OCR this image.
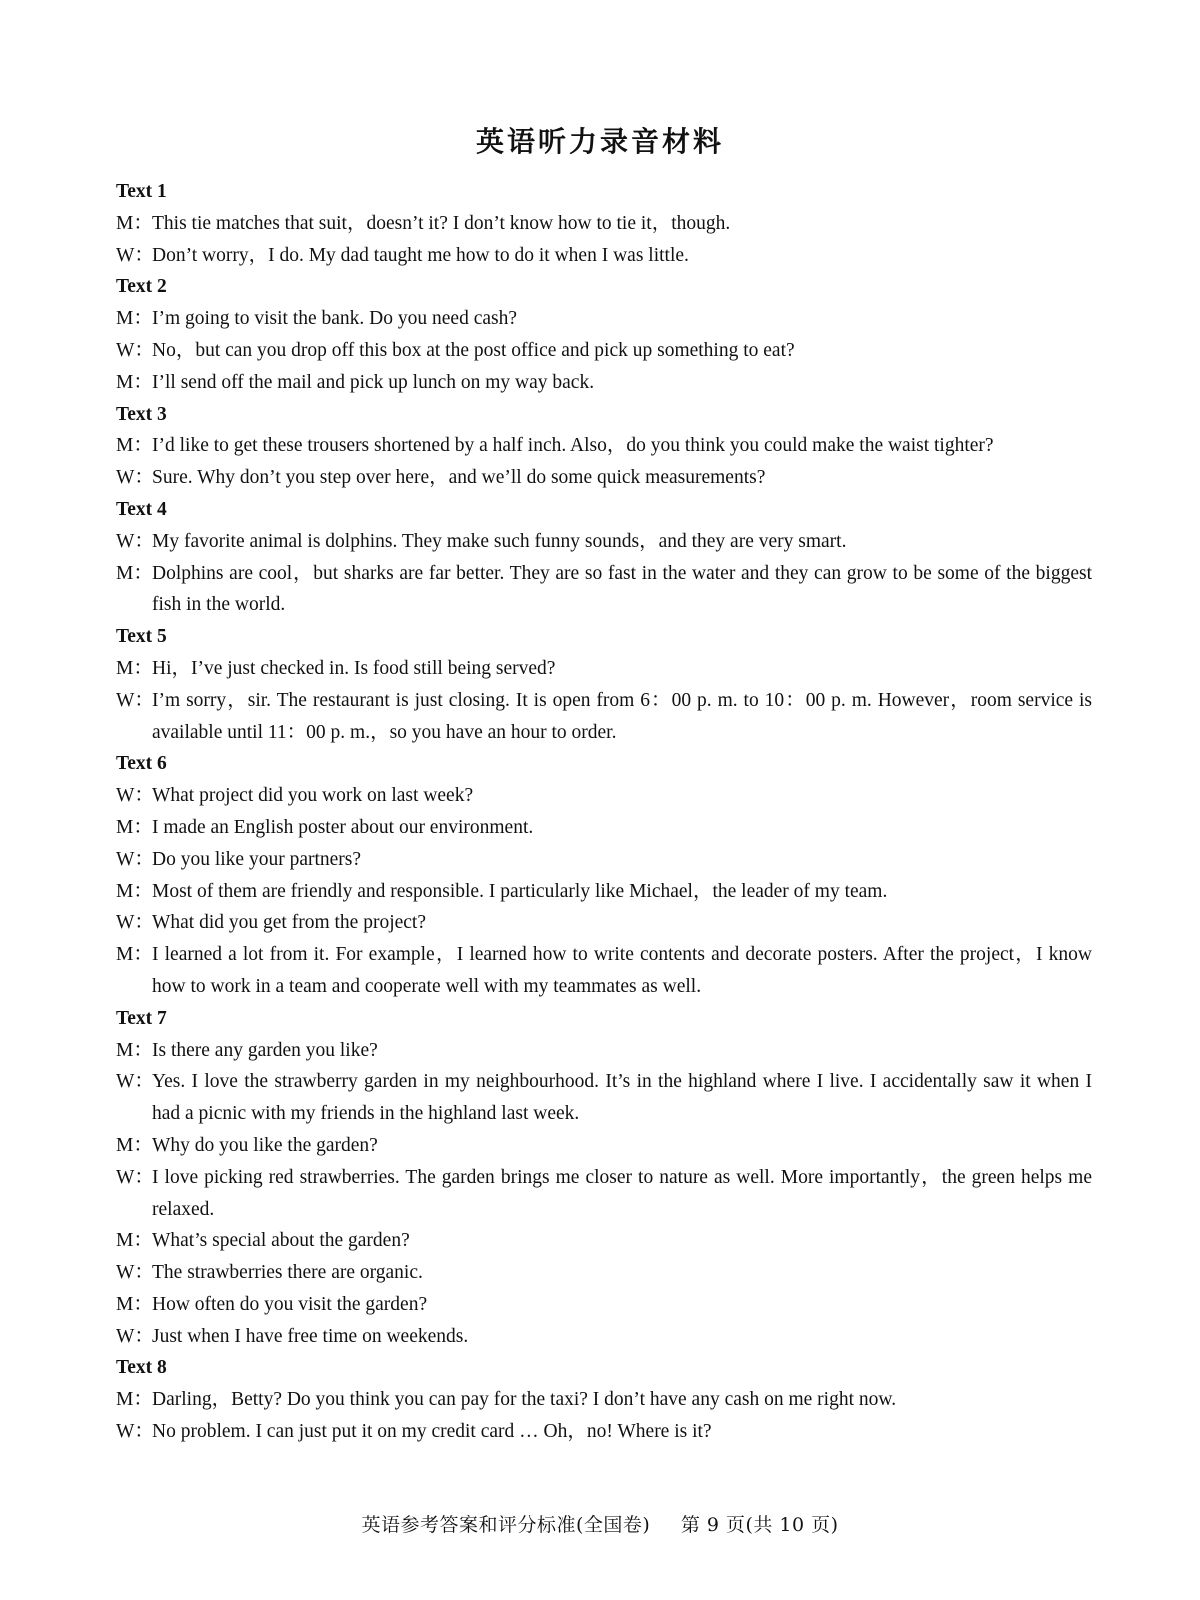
英语听力录音材料
Text 1
M： This tie matches that suit，doesn’t it? I don’t know how to tie it，though.
W：
Don’t worry，I do. My dad taught me how to do it when I was little.
Text 2
M： I’m going to visit the bank. Do you need cash?
W：
No，but can you drop off this box at the post office and pick up something to eat?
M： I’ll send off the mail and pick up lunch on my way back.
Text 3
M： I’d like to get these trousers shortened by a half inch. Also，do you think you could make the waist tighter?
W：
Sure. Why don’t you step over here，and we’ll do some quick measurements?
Text 4
W：
My favorite animal is dolphins. They make such funny sounds，and they are very smart.
M： Dolphins are cool，but sharks are far better. They are so fast in the water and they can grow to be some of the biggest fish in the world.
Text 5
M： Hi，I’ve just checked in. Is food still being served?
W：
I’m sorry，sir. The restaurant is just closing. It is open from 6：00 p. m. to 10：00 p. m. However，room service is available until 11：00 p. m.，so you have an hour to order.
Text 6
W：
What project did you work on last week?
M： I made an English poster about our environment.
W：
Do you like your partners?
M： Most of them are friendly and responsible. I particularly like Michael，the leader of my team.
W：
What did you get from the project?
M： I learned a lot from it. For example，I learned how to write contents and decorate posters. After the project，I know how to work in a team and cooperate well with my teammates as well.
Text 7
M： Is there any garden you like?
W：
Yes. I love the strawberry garden in my neighbourhood. It’s in the highland where I live. I accidentally saw it when I had a picnic with my friends in the highland last week.
M： Why do you like the garden?
W：
I love picking red strawberries. The garden brings me closer to nature as well. More importantly，the green helps me relaxed.
M： What’s special about the garden?
W：
The strawberries there are organic.
M： How often do you visit the garden?
W：
Just when I have free time on weekends.
Text 8
M： Darling，Betty? Do you think you can pay for the taxi? I don’t have any cash on me right now.
W：
No problem. I can just put it on my credit card … Oh，no! Where is it?
英语参考答案和评分标准(全国卷) 第 9 页(共 10 页)
